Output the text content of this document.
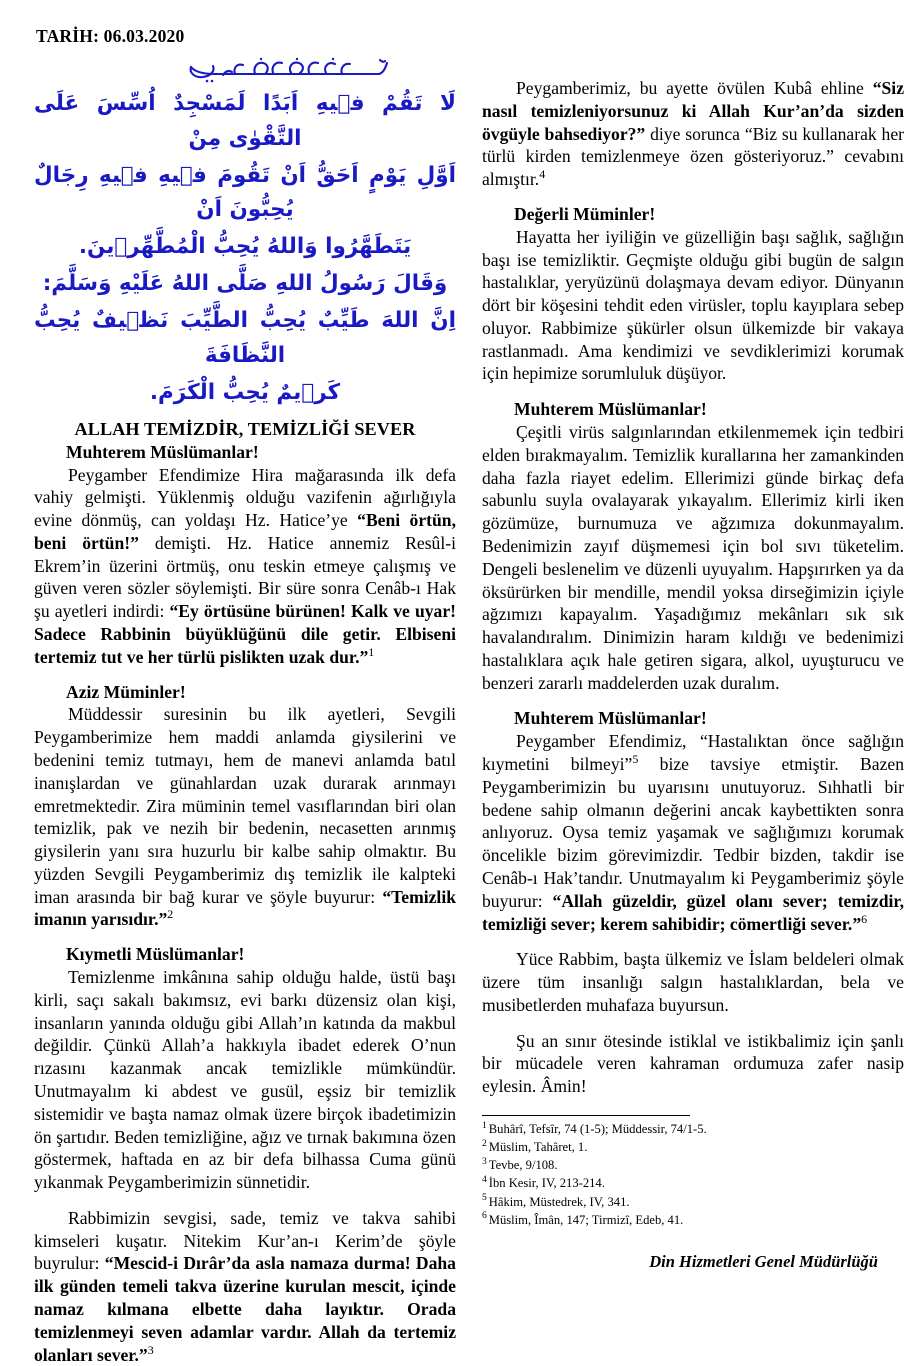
TARİH: 06.03.2020
لَا تَقُمْ فٖيهِ اَبَدًا لَمَسْجِدٌ اُسِّسَ عَلَى التَّقْوٰى مِنْ
اَوَّلِ يَوْمٍ اَحَقُّ اَنْ تَقُومَ فٖيهِ فٖيهِ رِجَالٌ يُحِبُّونَ اَنْ
يَتَطَهَّرُوا وَاللهُ يُحِبُّ الْمُطَّهِّرٖينَ.
وَقَالَ رَسُولُ اللهِ صَلَّى اللهُ عَلَيْهِ وَسَلَّمَ:
اِنَّ اللهَ طَيِّبٌ يُحِبُّ الطَّيِّبَ نَظٖيفٌ يُحِبُّ النَّظَافَةَ
كَرٖيمٌ يُحِبُّ الْكَرَمَ.
ALLAH TEMİZDİR, TEMİZLİĞİ SEVER
Muhterem Müslümanlar!

Peygamber Efendimize Hira mağarasında ilk defa vahiy gelmişti. Yüklenmiş olduğu vazifenin ağırlığıyla evine dönmüş, can yoldaşı Hz. Hatice’ye “Beni örtün, beni örtün!” demişti. Hz. Hatice annemiz Resûl-i Ekrem’in üzerini örtmüş, onu teskin etmeye çalışmış ve güven veren sözler söylemişti. Bir süre sonra Cenâb-ı Hak şu ayetleri indirdi: “Ey örtüsüne bürünen! Kalk ve uyar! Sadece Rabbinin büyüklüğünü dile getir. Elbiseni tertemiz tut ve her türlü pislikten uzak dur.”$^1$

Aziz Müminler!

Müddessir suresinin bu ilk ayetleri, Sevgili Peygamberimize hem maddi anlamda giysilerini ve bedenini temiz tutmayı, hem de manevi anlamda batıl inanışlardan ve günahlardan uzak durarak arınmayı emretmektedir. Zira müminin temel vasıflarından biri olan temizlik, pak ve nezih bir bedenin, necasetten arınmış giysilerin yanı sıra huzurlu bir kalbe sahip olmaktır. Bu yüzden Sevgili Peygamberimiz dış temizlik ile kalpteki iman arasında bir bağ kurar ve şöyle buyurur: “Temizlik imanın yarısıdır.”$^2$

Kıymetli Müslümanlar!

Temizlenme imkânına sahip olduğu halde, üstü başı kirli, saçı sakalı bakımsız, evi barkı düzensiz olan kişi, insanların yanında olduğu gibi Allah’ın katında da makbul değildir. Çünkü Allah’a hakkıyla ibadet ederek O’nun rızasını kazanmak ancak temizlikle mümkündür. Unutmayalım ki abdest ve gusül, eşsiz bir temizlik sistemidir ve başta namaz olmak üzere birçok ibadetimizin ön şartıdır. Beden temizliğine, ağız ve tırnak bakımına özen göstermek, haftada en az bir defa bilhassa Cuma günü yıkanmak Peygamberimizin sünnetidir.

Rabbimizin sevgisi, sade, temiz ve takva sahibi kimseleri kuşatır. Nitekim Kur’an-ı Kerim’de şöyle buyrulur: “Mescid-i Dırâr’da asla namaza durma! Daha ilk günden temeli takva üzerine kurulan mescit, içinde namaz kılmana elbette daha layıktır. Orada temizlenmeyi seven adamlar vardır. Allah da tertemiz olanları sever.”$^3$

Peygamberimiz, bu ayette övülen Kubâ ehline “Siz nasıl temizleniyorsunuz ki Allah Kur’an’da sizden övgüyle bahsediyor?” diye sorunca “Biz su kullanarak her türlü kirden temizlenmeye özen gösteriyoruz.” cevabını almıştır.$^4$

Değerli Müminler!

Hayatta her iyiliğin ve güzelliğin başı sağlık, sağlığın başı ise temizliktir. Geçmişte olduğu gibi bugün de salgın hastalıklar, yeryüzünü dolaşmaya devam ediyor. Dünyanın dört bir köşesini tehdit eden virüsler, toplu kayıplara sebep oluyor. Rabbimize şükürler olsun ülkemizde bir vakaya rastlanmadı. Ama kendimizi ve sevdiklerimizi korumak için hepimize sorumluluk düşüyor.

Muhterem Müslümanlar!

Çeşitli virüs salgınlarından etkilenmemek için tedbiri elden bırakmayalım. Temizlik kurallarına her zamankinden daha fazla riayet edelim. Ellerimizi günde birkaç defa sabunlu suyla ovalayarak yıkayalım. Ellerimiz kirli iken gözümüze, burnumuza ve ağzımıza dokunmayalım. Bedenimizin zayıf düşmemesi için bol sıvı tüketelim. Dengeli beslenelim ve düzenli uyuyalım. Hapşırırken ya da öksürürken bir mendille, mendil yoksa dirseğimizin içiyle ağzımızı kapayalım. Yaşadığımız mekânları sık sık havalandıralım. Dinimizin haram kıldığı ve bedenimizi hastalıklara açık hale getiren sigara, alkol, uyuşturucu ve benzeri zararlı maddelerden uzak duralım.

Muhterem Müslümanlar!

Peygamber Efendimiz, “Hastalıktan önce sağlığın kıymetini bilmeyi”$^5$ bize tavsiye etmiştir. Bazen Peygamberimizin bu uyarısını unutuyoruz. Sıhhatli bir bedene sahip olmanın değerini ancak kaybettikten sonra anlıyoruz. Oysa temiz yaşamak ve sağlığımızı korumak öncelikle bizim görevimizdir. Tedbir bizden, takdir ise Cenâb-ı Hak’tandır. Unutmayalım ki Peygamberimiz şöyle buyurur: “Allah güzeldir, güzel olanı sever; temizdir, temizliği sever; kerem sahibidir; cömertliği sever.”$^6$

Yüce Rabbim, başta ülkemiz ve İslam beldeleri olmak üzere tüm insanlığı salgın hastalıklardan, bela ve musibetlerden muhafaza buyursun.

Şu an sınır ötesinde istiklal ve istikbalimiz için şanlı bir mücadele veren kahraman ordumuza zafer nasip eylesin. Âmin!

$^1$ Buhârî, Tefsîr, 74 (1-5); Müddessir, 74/1-5.

$^2$ Müslim, Tahâret, 1.

$^3$ Tevbe, 9/108.

$^4$ İbn Kesir, IV, 213-214.

$^5$ Hâkim, Müstedrek, IV, 341.

$^6$ Müslim, Îmân, 147; Tirmizî, Edeb, 41.

Din Hizmetleri Genel Müdürlüğü
